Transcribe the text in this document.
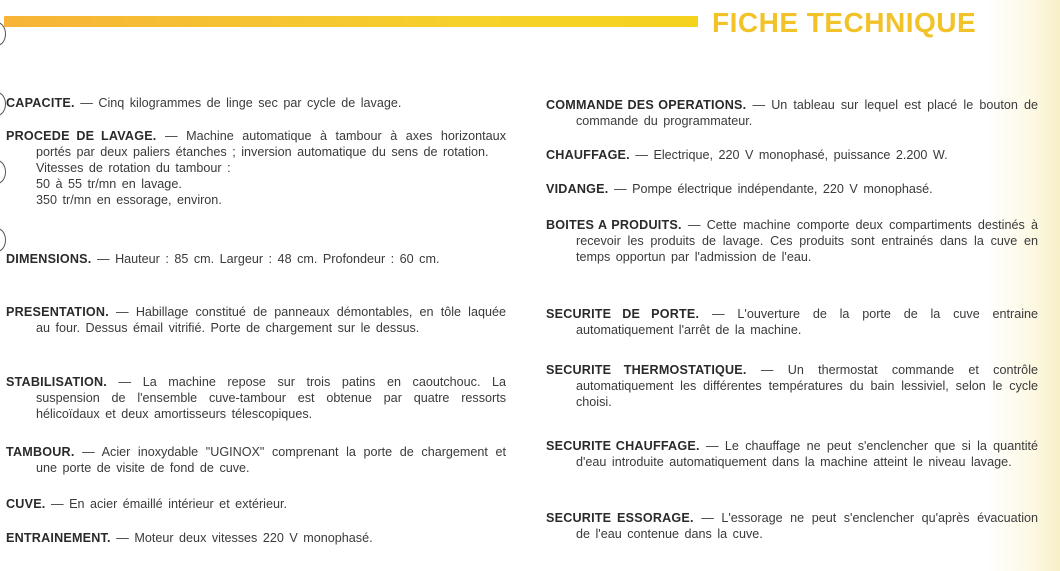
FICHE TECHNIQUE
CAPACITE. — Cinq kilogrammes de linge sec par cycle de lavage.
PROCEDE DE LAVAGE. — Machine automatique à tambour à axes horizontaux portés par deux paliers étanches ; inversion automatique du sens de rotation.
Vitesses de rotation du tambour :
50 à 55 tr/mn en lavage.
350 tr/mn en essorage, environ.
DIMENSIONS. — Hauteur : 85 cm. Largeur : 48 cm. Profondeur : 60 cm.
PRESENTATION. — Habillage constitué de panneaux démontables, en tôle laquée au four. Dessus émail vitrifié. Porte de chargement sur le dessus.
STABILISATION. — La machine repose sur trois patins en caoutchouc. La suspension de l'ensemble cuve-tambour est obtenue par quatre ressorts hélicoïdaux et deux amortisseurs télescopiques.
TAMBOUR. — Acier inoxydable "UGINOX" comprenant la porte de chargement et une porte de visite de fond de cuve.
CUVE. — En acier émaillé intérieur et extérieur.
ENTRAINEMENT. — Moteur deux vitesses 220 V monophasé.
COMMANDE DES OPERATIONS. — Un tableau sur lequel est placé le bouton de commande du programmateur.
CHAUFFAGE. — Electrique, 220 V monophasé, puissance 2.200 W.
VIDANGE. — Pompe électrique indépendante, 220 V monophasé.
BOITES A PRODUITS. — Cette machine comporte deux compartiments destinés à recevoir les produits de lavage. Ces produits sont entrainés dans la cuve en temps opportun par l'admission de l'eau.
SECURITE DE PORTE. — L'ouverture de la porte de la cuve entraine automatiquement l'arrêt de la machine.
SECURITE THERMOSTATIQUE. — Un thermostat commande et contrôle automatiquement les différentes températures du bain lessiviel, selon le cycle choisi.
SECURITE CHAUFFAGE. — Le chauffage ne peut s'enclencher que si la quantité d'eau introduite automatiquement dans la machine atteint le niveau lavage.
SECURITE ESSORAGE. — L'essorage ne peut s'enclencher qu'après évacuation de l'eau contenue dans la cuve.
